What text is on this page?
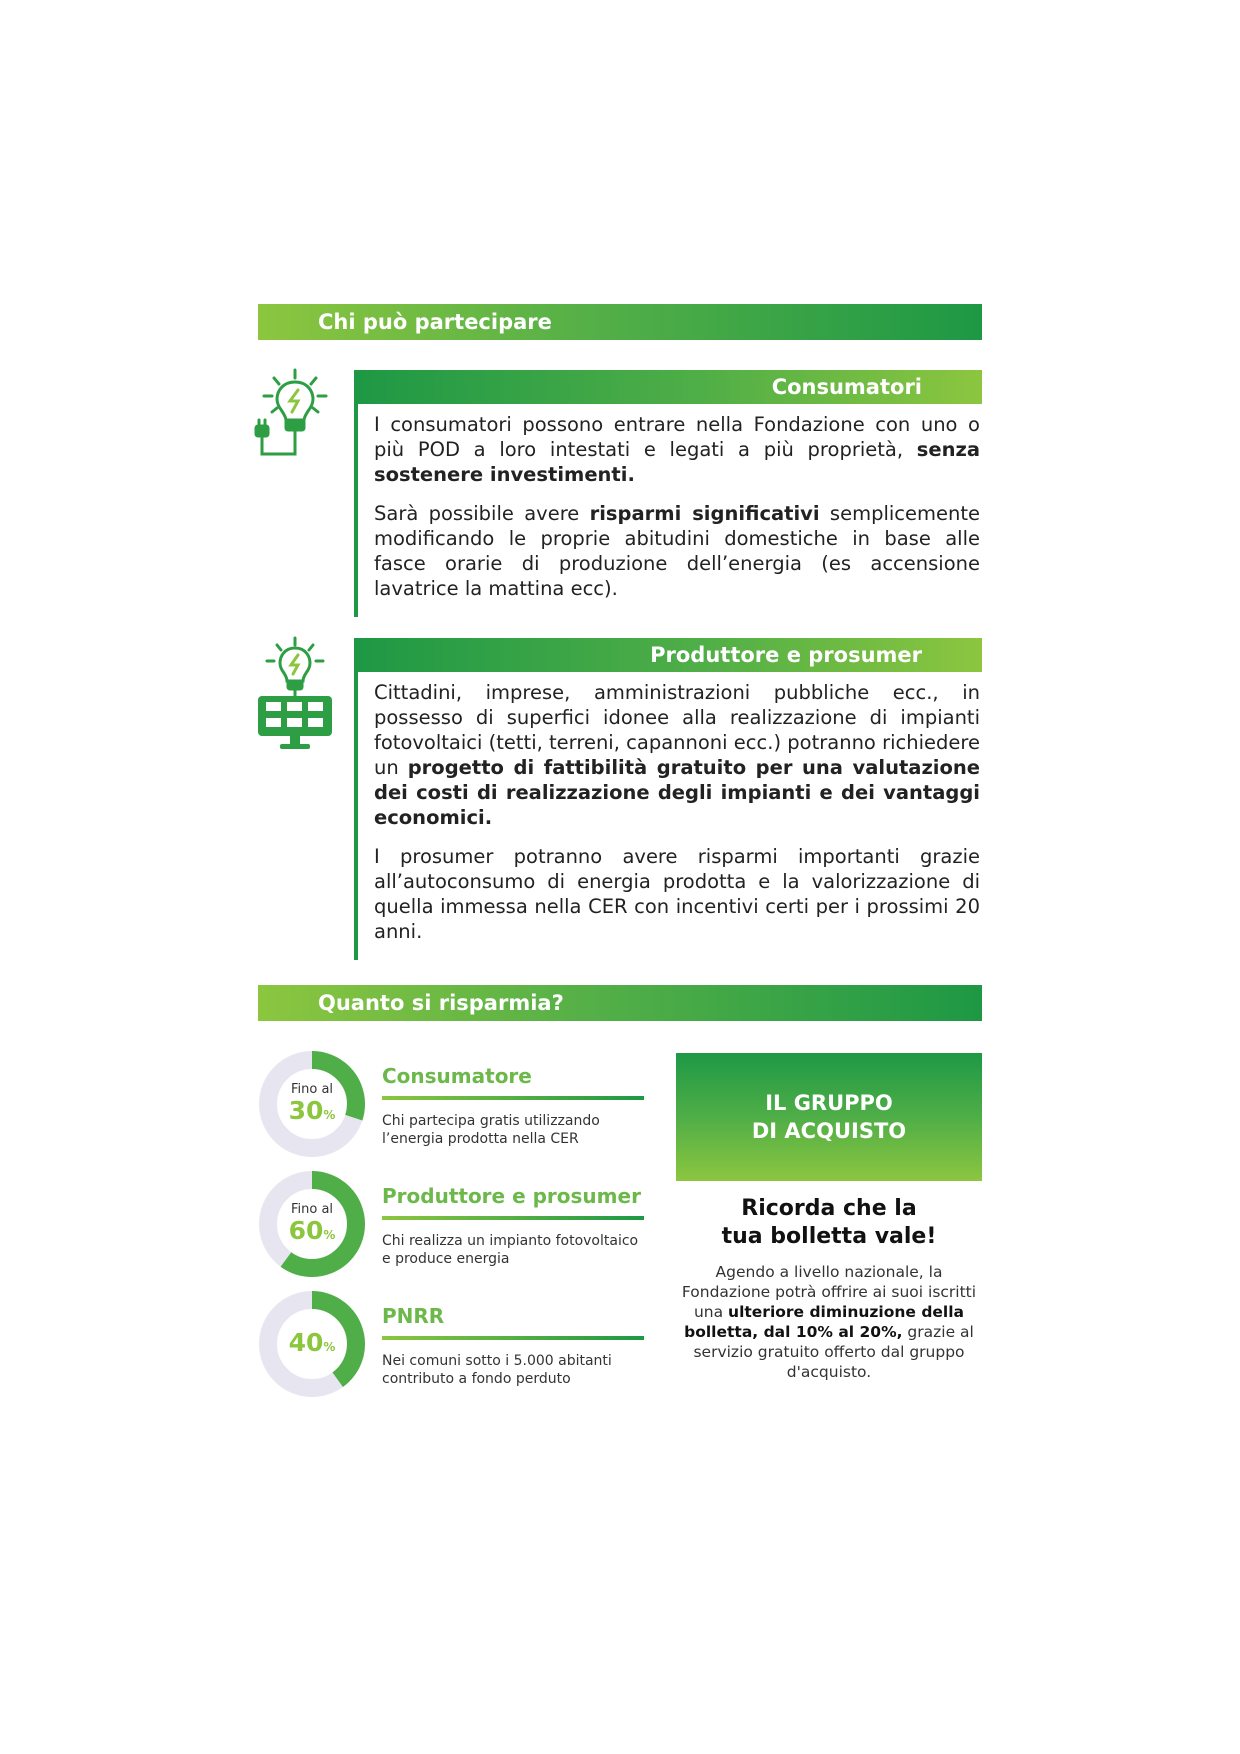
Chi può partecipare
Consumatori

I consumatori possono entrare nella Fondazione con uno o più POD a loro intestati e legati a più proprietà, senza sostenere investimenti.

Sarà possibile avere risparmi significativi semplicemente modificando le proprie abitudini domestiche in base alle fasce orarie di produzione dell’energia (es accensione lavatrice la mattina ecc).

Produttore e prosumer

Cittadini, imprese, amministrazioni pubbliche ecc., in possesso di superfici idonee alla realizzazione di impianti fotovoltaici (tetti, terreni, capannoni ecc.) potranno richiedere un progetto di fattibilità gratuito per una valutazione dei costi di realizzazione degli impianti e dei vantaggi economici.

I prosumer potranno avere risparmi importanti grazie all’autoconsumo di energia prodotta e la valorizzazione di quella immessa nella CER con incentivi certi per i prossimi 20 anni.

Quanto si risparmia?
Fino al
30%
Consumatore
Chi partecipa gratis utilizzando l’energia prodotta nella CER
Fino al
60%
Produttore e prosumer
Chi realizza un impianto fotovoltaico e produce energia
40%
PNRR
Nei comuni sotto i 5.000 abitanti contributo a fondo perduto
IL GRUPPO
DI ACQUISTO
Ricorda che la
tua bolletta vale!
Agendo a livello nazionale, la Fondazione potrà offrire ai suoi iscritti una ulteriore diminuzione della bolletta, dal 10% al 20%, grazie al servizio gratuito offerto dal gruppo d'acquisto.
